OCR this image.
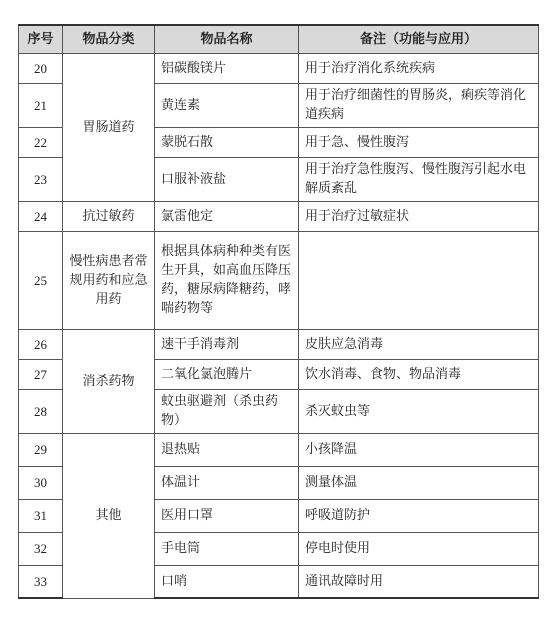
序号	物品分类	物品名称	备注（功能与应用）
20	胃肠道药	铝碳酸镁片	用于治疗消化系统疾病
21		黄连素	用于治疗细菌性的胃肠炎，痢疾等消化道疾病
22		蒙脱石散	用于急、慢性腹泻
23		口服补液盐	用于治疗急性腹泻、慢性腹泻引起水电解质紊乱
24	抗过敏药	氯雷他定	用于治疗过敏症状
25	慢性病患者常规用药和应急用药	根据具体病种种类有医生开具，如高血压降压药，糖尿病降糖药，哮喘药物等	
26	消杀药物	速干手消毒剂	皮肤应急消毒
27		二氧化氯泡腾片	饮水消毒、食物、物品消毒
28		蚊虫驱避剂（杀虫药物）	杀灭蚊虫等
29	其他	退热贴	小孩降温
30		体温计	测量体温
31		医用口罩	呼吸道防护
32		手电筒	停电时使用
33		口哨	通讯故障时用
